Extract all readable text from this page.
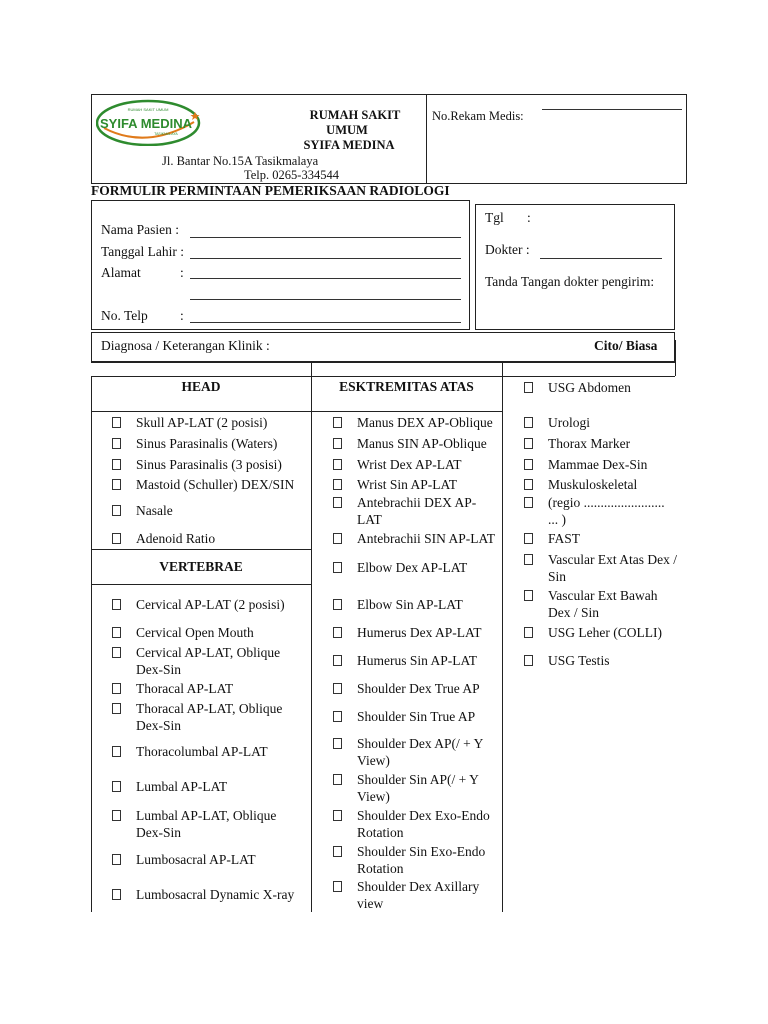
RUMAH SAKIT UMUM
SYIFA MEDINA
TASIKMALAYA
RUMAH SAKIT
UMUM
SYIFA MEDINA
Jl. Bantar No.15A Tasikmalaya
Telp. 0265-334544
No.Rekam Medis:
FORMULIR PERMINTAAN PEMERIKSAAN RADIOLOGI
Nama Pasien :
Tanggal Lahir :
Alamat	:
No. Telp :
Tgl :
Dokter :
Tanda Tangan dokter pengirim:
Diagnosa / Keterangan Klinik :	Cito/ Biasa
HEAD	ESKTREMITAS ATAS
VERTEBRAE
Skull AP-LAT (2 posisi)
Sinus Parasinalis (Waters)
Sinus Parasinalis (3 posisi)
Mastoid (Schuller) DEX/SIN
Nasale
Adenoid Ratio
Cervical AP-LAT (2 posisi)
Cervical Open Mouth
Cervical AP-LAT, Oblique Dex-Sin
Thoracal AP-LAT
Thoracal AP-LAT, Oblique Dex-Sin
Thoracolumbal AP-LAT
Lumbal AP-LAT
Lumbal AP-LAT, Oblique Dex-Sin
Lumbosacral AP-LAT
Lumbosacral Dynamic X-ray
Manus DEX AP-Oblique
Manus SIN AP-Oblique
Wrist Dex AP-LAT
Wrist Sin AP-LAT
Antebrachii DEX AP-LAT
Antebrachii SIN AP-LAT
Elbow Dex AP-LAT
Elbow Sin AP-LAT
Humerus Dex AP-LAT
Humerus Sin AP-LAT
Shoulder Dex True AP
Shoulder Sin True AP
Shoulder Dex AP(/ + Y View)
Shoulder Sin AP(/ + Y View)
Shoulder Dex Exo-Endo Rotation
Shoulder Sin Exo-Endo Rotation
Shoulder Dex Axillary view
USG Abdomen
Urologi
Thorax Marker
Mammae Dex-Sin
Muskuloskeletal
(regio ........................ ... )
FAST
Vascular Ext Atas Dex / Sin
Vascular Ext Bawah Dex / Sin
USG Leher (COLLI)
USG Testis
